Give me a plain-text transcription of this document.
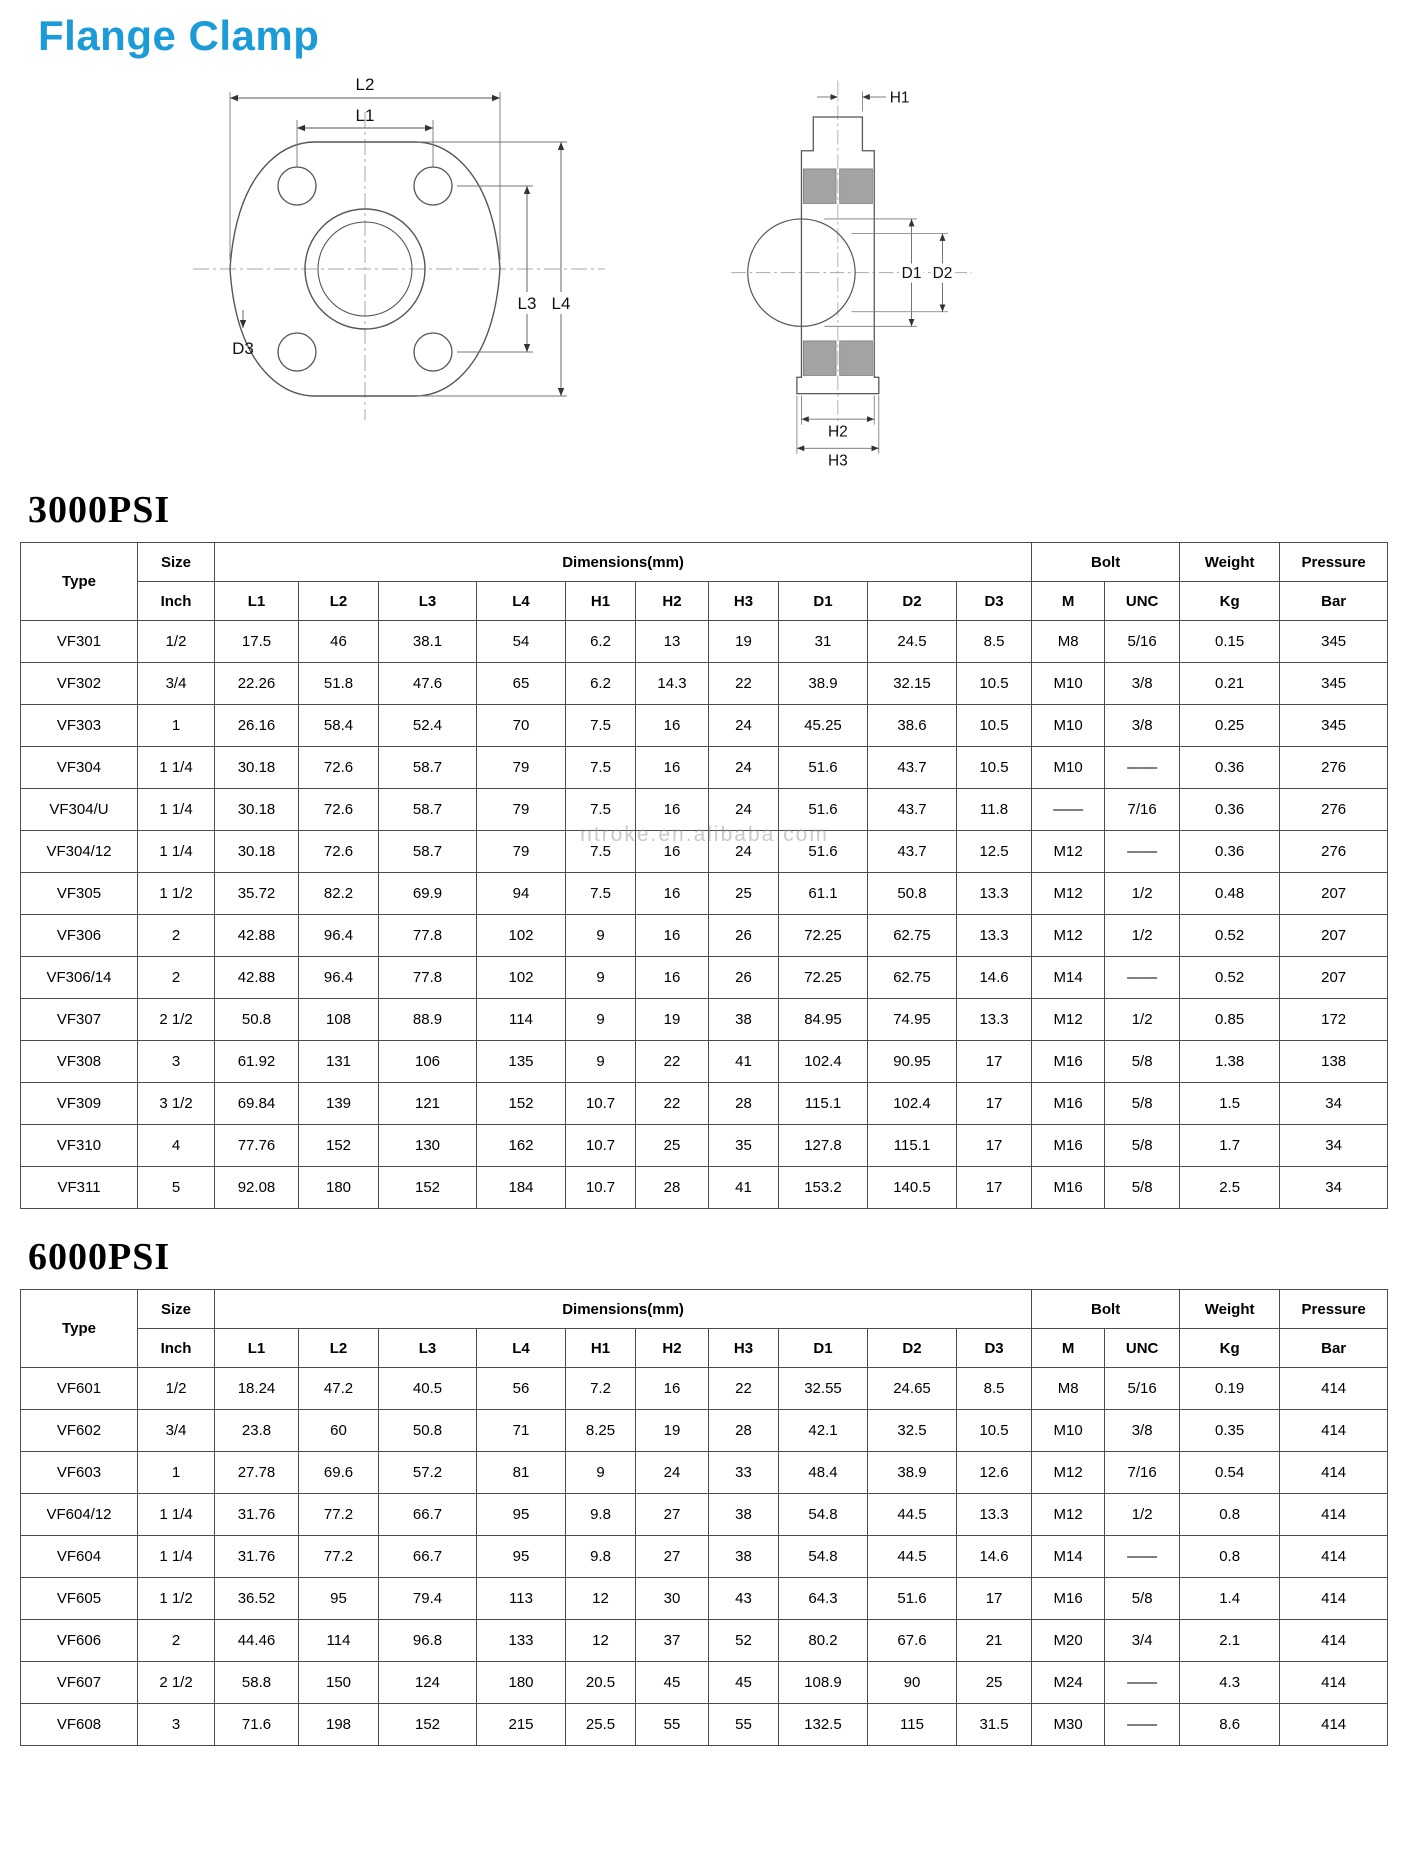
Flange Clamp
L2
L1
L3 L4
D3
H1
D1 D2
H2
H3
3000PSI
Type	Size	Dimensions(mm)										Bolt		Weight	Pressure
	Inch	L1	L2	L3	L4	H1	H2	H3	D1	D2	D3	M	UNC	Kg	Bar
VF301	1/2	17.5	46	38.1	54	6.2	13	19	31	24.5	8.5	M8	5/16	0.15	345
VF302	3/4	22.26	51.8	47.6	65	6.2	14.3	22	38.9	32.15	10.5	M10	3/8	0.21	345
VF303	1	26.16	58.4	52.4	70	7.5	16	24	45.25	38.6	10.5	M10	3/8	0.25	345
VF304	1 1/4	30.18	72.6	58.7	79	7.5	16	24	51.6	43.7	10.5	M10	——	0.36	276
VF304/U	1 1/4	30.18	72.6	58.7	79	7.5	16	24	51.6	43.7	11.8	——	7/16	0.36	276
VF304/12	1 1/4	30.18	72.6	58.7	79	7.5	16	24	51.6	43.7	12.5	M12	——	0.36	276
VF305	1 1/2	35.72	82.2	69.9	94	7.5	16	25	61.1	50.8	13.3	M12	1/2	0.48	207
VF306	2	42.88	96.4	77.8	102	9	16	26	72.25	62.75	13.3	M12	1/2	0.52	207
VF306/14	2	42.88	96.4	77.8	102	9	16	26	72.25	62.75	14.6	M14	——	0.52	207
VF307	2 1/2	50.8	108	88.9	114	9	19	38	84.95	74.95	13.3	M12	1/2	0.85	172
VF308	3	61.92	131	106	135	9	22	41	102.4	90.95	17	M16	5/8	1.38	138
VF309	3 1/2	69.84	139	121	152	10.7	22	28	115.1	102.4	17	M16	5/8	1.5	34
VF310	4	77.76	152	130	162	10.7	25	35	127.8	115.1	17	M16	5/8	1.7	34
VF311	5	92.08	180	152	184	10.7	28	41	153.2	140.5	17	M16	5/8	2.5	34
ntroke.en.alibaba.com
6000PSI
Type	Size	Dimensions(mm)										Bolt		Weight	Pressure
	Inch	L1	L2	L3	L4	H1	H2	H3	D1	D2	D3	M	UNC	Kg	Bar
VF601	1/2	18.24	47.2	40.5	56	7.2	16	22	32.55	24.65	8.5	M8	5/16	0.19	414
VF602	3/4	23.8	60	50.8	71	8.25	19	28	42.1	32.5	10.5	M10	3/8	0.35	414
VF603	1	27.78	69.6	57.2	81	9	24	33	48.4	38.9	12.6	M12	7/16	0.54	414
VF604/12	1 1/4	31.76	77.2	66.7	95	9.8	27	38	54.8	44.5	13.3	M12	1/2	0.8	414
VF604	1 1/4	31.76	77.2	66.7	95	9.8	27	38	54.8	44.5	14.6	M14	——	0.8	414
VF605	1 1/2	36.52	95	79.4	113	12	30	43	64.3	51.6	17	M16	5/8	1.4	414
VF606	2	44.46	114	96.8	133	12	37	52	80.2	67.6	21	M20	3/4	2.1	414
VF607	2 1/2	58.8	150	124	180	20.5	45	45	108.9	90	25	M24	——	4.3	414
VF608	3	71.6	198	152	215	25.5	55	55	132.5	115	31.5	M30	——	8.6	414
